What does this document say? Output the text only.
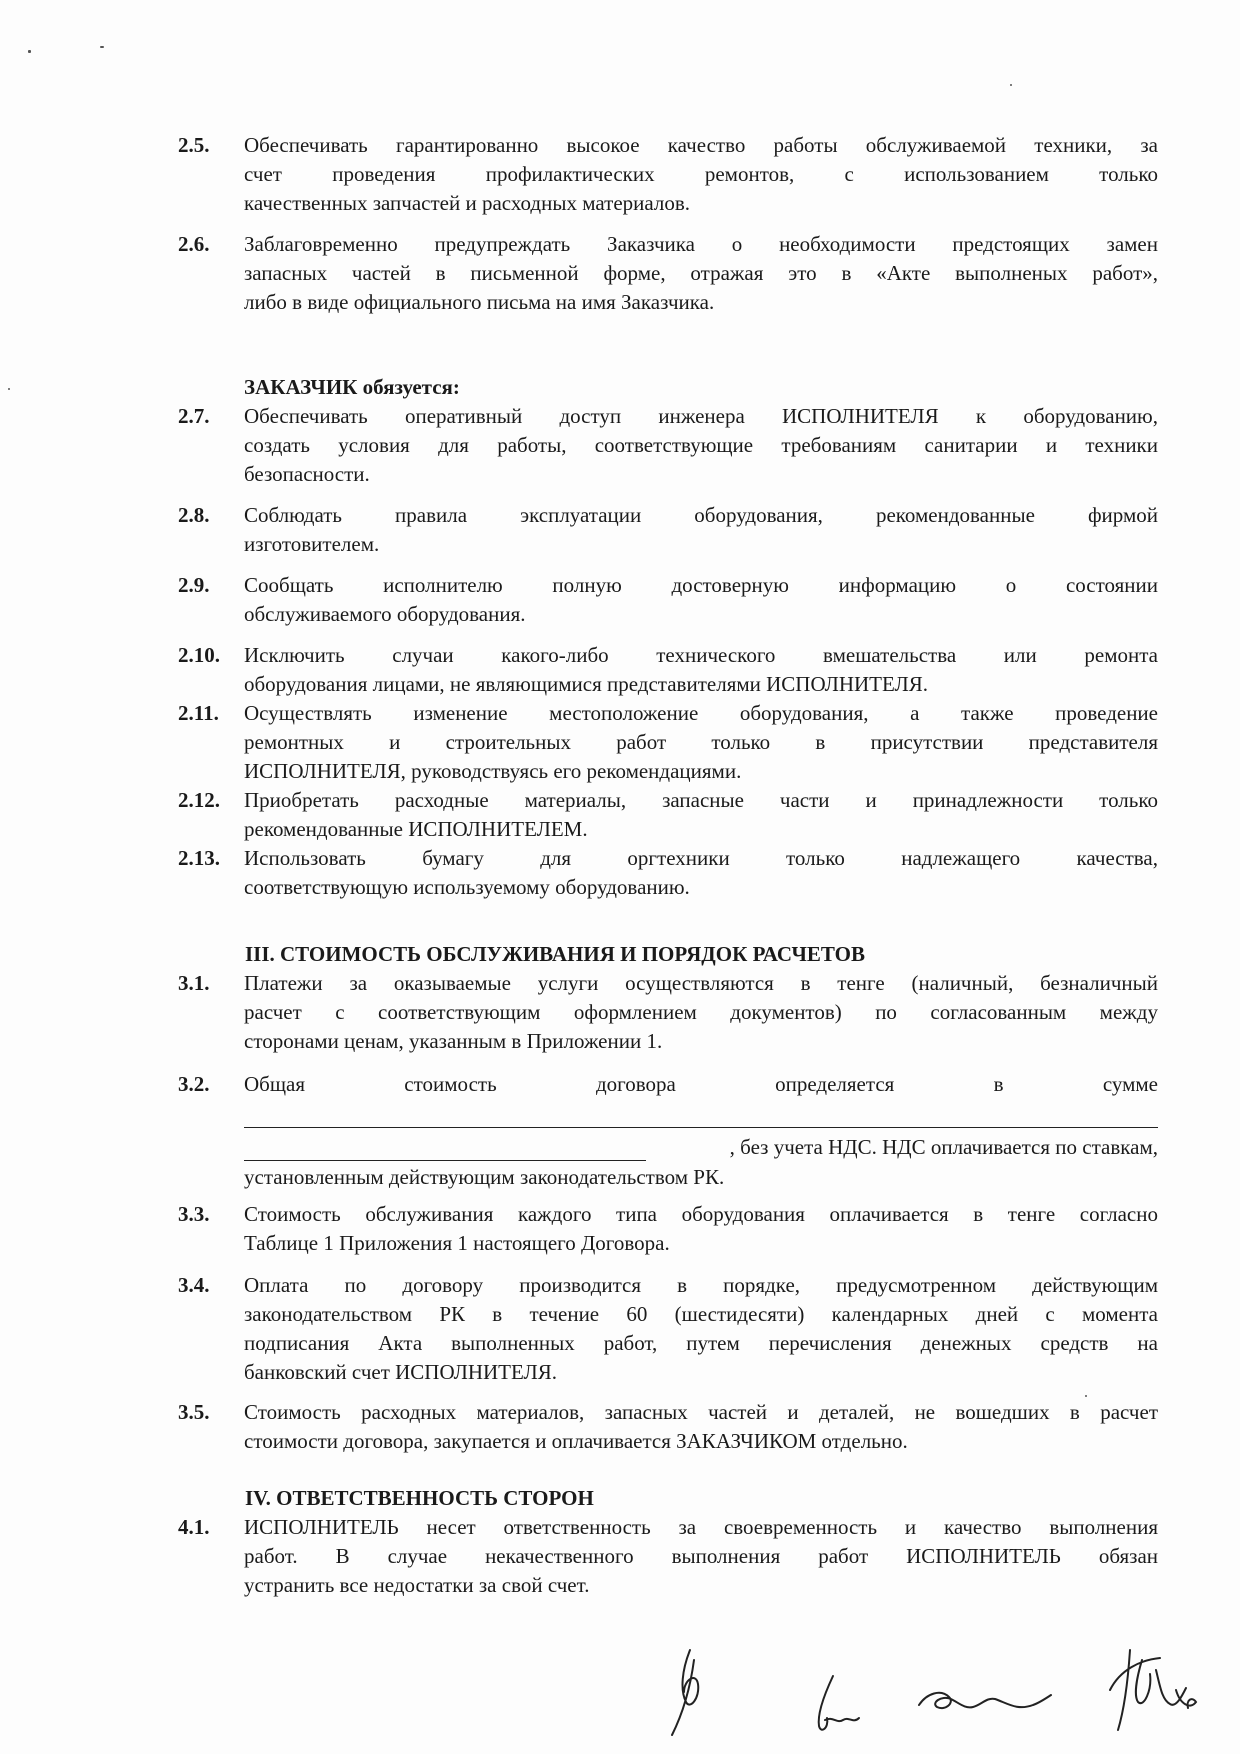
2.5.	Обеспечивать гарантированно высокое качество работы обслуживаемой техники, за
счет проведения профилактических ремонтов, с использованием только
качественных запчастей и расходных материалов.
2.6.	Заблаговременно предупреждать Заказчика о необходимости предстоящих замен
запасных частей в письменной форме, отражая это в «Акте выполненых работ»,
либо в виде официального письма на имя Заказчика.
ЗАКАЗЧИК обязуется:
2.7.	Обеспечивать оперативный доступ инженера ИСПОЛНИТЕЛЯ к оборудованию,
создать условия для работы, соответствующие требованиям санитарии и техники
безопасности.
2.8.	Соблюдать правила эксплуатации оборудования, рекомендованные фирмой
изготовителем.
2.9.	Сообщать исполнителю полную достоверную информацию о состоянии
обслуживаемого оборудования.
2.10.	Исключить случаи какого-либо технического вмешательства или ремонта
оборудования лицами, не являющимися представителями ИСПОЛНИТЕЛЯ.
2.11.	Осуществлять изменение местоположение оборудования, а также проведение
ремонтных и строительных работ только в присутствии представителя
ИСПОЛНИТЕЛЯ, руководствуясь его рекомендациями.
2.12.	Приобретать расходные материалы, запасные части и принадлежности только
рекомендованные ИСПОЛНИТЕЛЕМ.
2.13.	Использовать бумагу для оргтехники только надлежащего качества,
соответствующую используемому оборудованию.
III. СТОИМОСТЬ ОБСЛУЖИВАНИЯ И ПОРЯДОК РАСЧЕТОВ
3.1.	Платежи за оказываемые услуги осуществляются в тенге (наличный, безналичный
расчет с соответствующим оформлением документов) по согласованным между
сторонами ценам, указанным в Приложении 1.
3.2.	Общая стоимость договора определяется в сумме
, без учета НДС. НДС оплачивается по ставкам,
установленным действующим законодательством РК.
3.3.	Стоимость обслуживания каждого типа оборудования оплачивается в тенге согласно
Таблице 1 Приложения 1 настоящего Договора.
3.4.	Оплата по договору производится в порядке, предусмотренном действующим
законодательством РК в течение 60 (шестидесяти) календарных дней с момента
подписания Акта выполненных работ, путем перечисления денежных средств на
банковский счет ИСПОЛНИТЕЛЯ.
3.5.	Стоимость расходных материалов, запасных частей и деталей, не вошедших в расчет
стоимости договора, закупается и оплачивается ЗАКАЗЧИКОМ отдельно.
IV. ОТВЕТСТВЕННОСТЬ СТОРОН
4.1.	ИСПОЛНИТЕЛЬ несет ответственность за своевременность и качество выполнения
работ. В случае некачественного выполнения работ ИСПОЛНИТЕЛЬ обязан
устранить все недостатки за свой счет.
